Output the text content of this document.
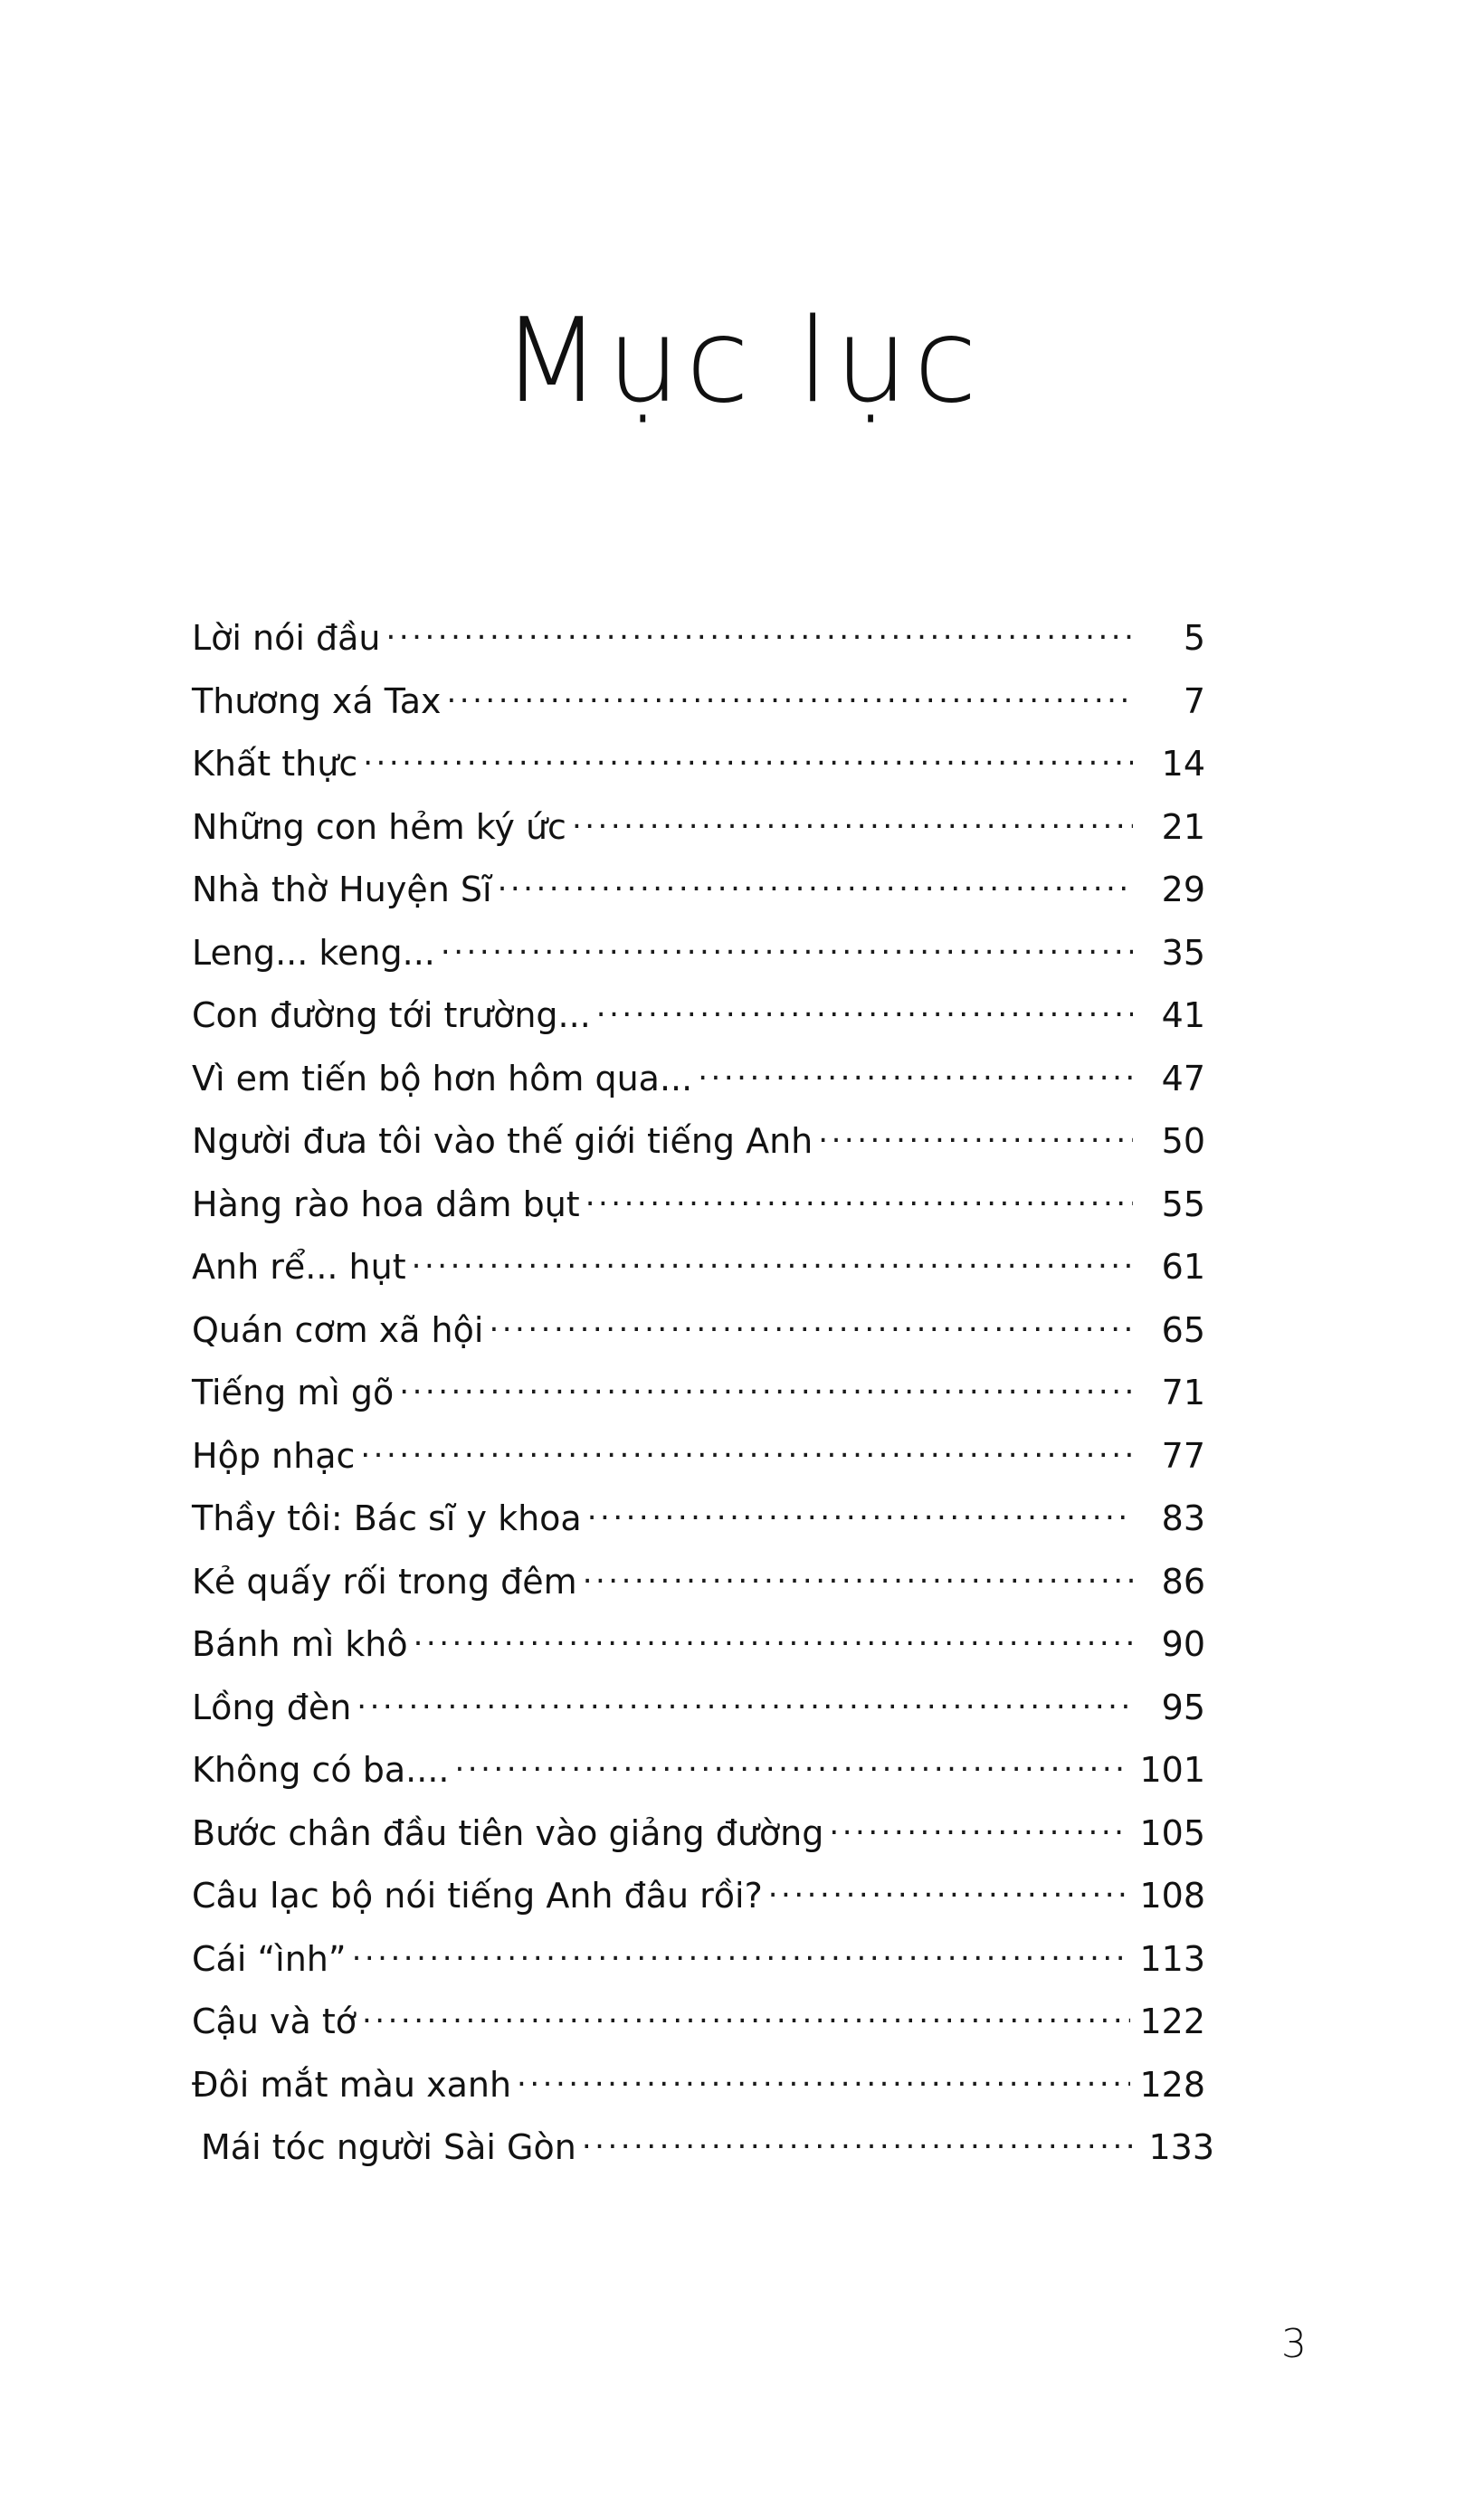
Mục lục
Lời nói đầu .....	5
Thương xá Tax .....	7
Khất thực .....	14
Những con hẻm ký ức .....	21
Nhà thờ Huyện Sĩ .....	29
Leng... keng... .....	35
Con đường tới trường... .....	41
Vì em tiến bộ hơn hôm qua... .....	47
Người đưa tôi vào thế giới tiếng Anh .....	50
Hàng rào hoa dâm bụt .....	55
Anh rể... hụt .....	61
Quán cơm xã hội .....	65
Tiếng mì gõ .....	71
Hộp nhạc .....	77
Thầy tôi: Bác sĩ y khoa .....	83
Kẻ quấy rối trong đêm .....	86
Bánh mì khô .....	90
Lồng đèn .....	95
Không có ba.... .....	101
Bước chân đầu tiên vào giảng đường .....	105
Câu lạc bộ nói tiếng Anh đâu rồi? .....	108
Cái “ình” .....	113
Cậu và tớ .....	122
Đôi mắt màu xanh .....	128
Mái tóc người Sài Gòn .....	133
3
